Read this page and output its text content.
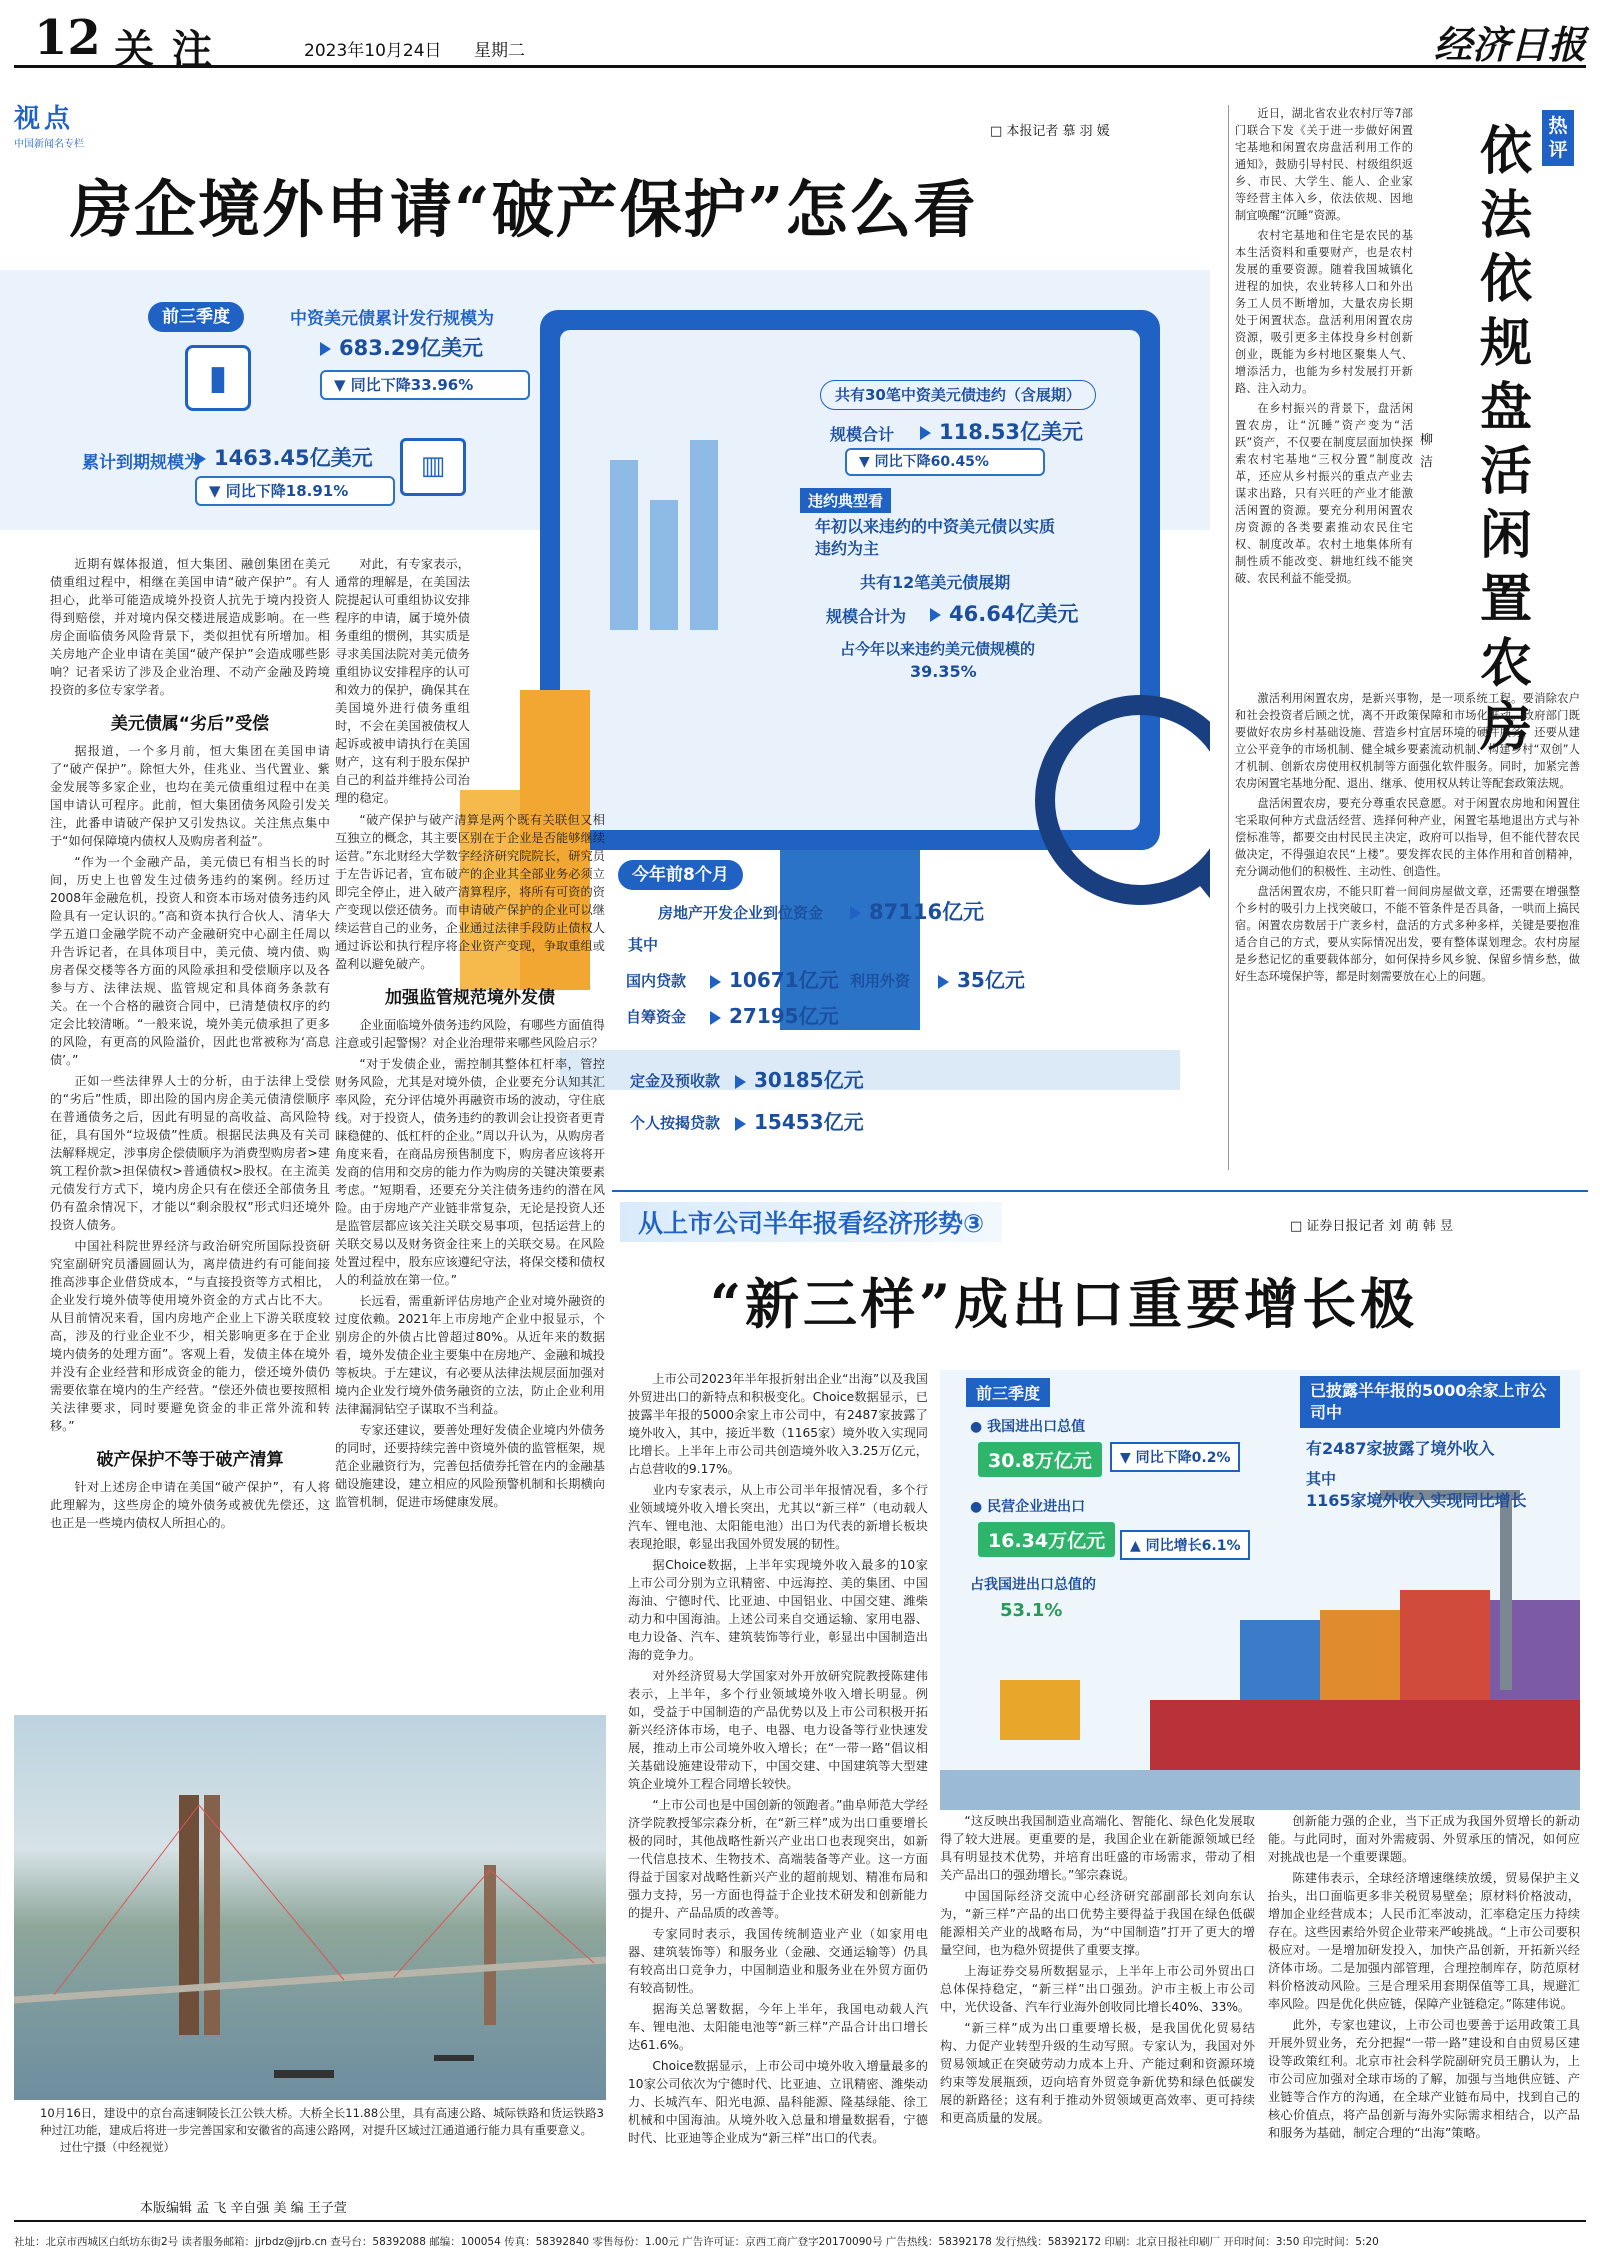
12 关注	2023年10月24日 星期二	经济日报
视点
中国新闻名专栏
□ 本报记者 慕 羽 媛
房企境外申请“破产保护”怎么看
前三季度	中资美元债累计发行规模为
683.29亿美元
▼ 同比下降33.96%
▮
累计到期规模为 1463.45亿美元
▼ 同比下降18.91%
▥
共有30笔中资美元债违约（含展期）
规模合计	118.53亿美元
▼ 同比下降60.45%
违约典型看
年初以来违约的中资美元债以实质违约为主
共有12笔美元债展期
规模合计为	46.64亿美元
占今年以来违约美元债规模的
39.35%
今年前8个月
房地产开发企业到位资金	87116亿元
其中
国内贷款	10671亿元 利用外资	35亿元
自筹资金	27195亿元
定金及预收款	30185亿元
个人按揭贷款	15453亿元

近期有媒体报道，恒大集团、融创集团在美元债重组过程中，相继在美国申请“破产保护”。有人担心，此举可能造成境外投资人抗先于境内投资人得到赔偿，并对境内保交楼进展造成影响。在一些房企面临债务风险背景下，类似担忧有所增加。相关房地产企业申请在美国“破产保护”会造成哪些影响？记者采访了涉及企业治理、不动产金融及跨境投资的多位专家学者。

美元债属“劣后”受偿

据报道，一个多月前，恒大集团在美国申请了“破产保护”。除恒大外，佳兆业、当代置业、紫金发展等多家企业，也均在美元债重组过程中在美国申请认可程序。此前，恒大集团债务风险引发关注，此番申请破产保护又引发热议。关注焦点集中于“如何保障境内债权人及购房者利益”。

“作为一个金融产品，美元债已有相当长的时间，历史上也曾发生过债务违约的案例。经历过2008年金融危机，投资人和资本市场对债务违约风险具有一定认识的。”高和资本执行合伙人、清华大学五道口金融学院不动产金融研究中心副主任周以升告诉记者，在具体项目中，美元债、境内债、购房者保交楼等各方面的风险承担和受偿顺序以及各参与方、法律法规、监管规定和具体商务条款有关。在一个合格的融资合同中，已清楚债权序的约定会比较清晰。“一般来说，境外美元债承担了更多的风险，有更高的风险溢价，因此也常被称为‘高息债’。”

正如一些法律界人士的分析，由于法律上受偿的“劣后”性质，即出险的国内房企美元债清偿顺序在普通债务之后，因此有明显的高收益、高风险特征，具有国外“垃圾债”性质。根据民法典及有关司法解释规定，涉事房企偿债顺序为消费型购房者>建筑工程价款>担保债权>普通债权>股权。在主流美元债发行方式下，境内房企只有在偿还全部债务且仍有盈余情况下，才能以“剩余股权”形式归还境外投资人债务。

中国社科院世界经济与政治研究所国际投资研究室副研究员潘圆圆认为，离岸债进约有可能间接推高涉事企业借贷成本，“与直接投资等方式相比，企业发行境外债等使用境外资金的方式占比不大。从目前情况来看，国内房地产企业上下游关联度较高，涉及的行业企业不少，相关影响更多在于企业境内债务的处理方面”。客观上看，发债主体在境外并没有企业经营和形成资金的能力，偿还境外债仍需要依靠在境内的生产经营。“偿还外债也要按照相关法律要求，同时要避免资金的非正常外流和转移。”

破产保护不等于破产清算

针对上述房企申请在美国“破产保护”，有人将此理解为，这些房企的境外债务或被优先偿还，这也正是一些境内债权人所担心的。

对此，有专家表示，通常的理解是，在美国法院提起认可重组协议安排程序的申请，属于境外债务重组的惯例，其实质是寻求美国法院对美元债务重组协议安排程序的认可和效力的保护，确保其在美国境外进行债务重组时，不会在美国被债权人起诉或被申请执行在美国财产，这有利于股东保护自己的利益并维持公司治理的稳定。

“破产保护与破产清算是两个既有关联但又相互独立的概念，其主要区别在于企业是否能够继续运营。”东北财经大学数字经济研究院院长，研究员于左告诉记者，宣布破产的企业其全部业务必须立即完全停止，进入破产清算程序，将所有可资的资产变现以偿还债务。而申请破产保护的企业可以继续运营自己的业务，企业通过法律手段防止债权人通过诉讼和执行程序将企业资产变现，争取重组或盈利以避免破产。

加强监管规范境外发债

企业面临境外债务违约风险，有哪些方面值得注意或引起警惕？对企业治理带来哪些风险启示？

“对于发债企业，需控制其整体杠杆率，管控财务风险，尤其是对境外债，企业要充分认知其汇率风险，充分评估境外再融资市场的波动，守住底线。对于投资人，债务违约的教训会让投资者更青睐稳健的、低杠杆的企业。”周以升认为，从购房者角度来看，在商品房预售制度下，购房者应该将开发商的信用和交房的能力作为购房的关键决策要素考虑。“短期看，还要充分关注债务违约的潜在风险。由于房地产产业链非常复杂，无论是投资人还是监管层都应该关注关联交易事项，包括运营上的关联交易以及财务资金往来上的关联交易。在风险处置过程中，股东应该遵纪守法，将保交楼和债权人的利益放在第一位。”

长远看，需重新评估房地产企业对境外融资的过度依赖。2021年上市房地产企业中报显示，个别房企的外债占比曾超过80%。从近年来的数据看，境外发债企业主要集中在房地产、金融和城投等板块。于左建议，有必要从法律法规层面加强对境内企业发行境外债务融资的立法，防止企业利用法律漏洞钻空子谋取不当利益。

专家还建议，要善处理好发债企业境内外债务的同时，还要持续完善中资境外债的监管框架，规范企业融资行为，完善包括债券托管在内的金融基础设施建设，建立相应的风险预警机制和长期横向监管机制，促进市场健康发展。

10月16日，建设中的京台高速铜陵长江公铁大桥。大桥全长11.88公里，具有高速公路、城际铁路和货运铁路3种过江功能，建成后将进一步完善国家和安徽省的高速公路网，对提升区域过江通道通行能力具有重要意义。 过仕宁摄（中经视觉）
本版编辑 孟 飞 辛自强 美 编 王子萱

近日，湖北省农业农村厅等7部门联合下发《关于进一步做好闲置宅基地和闲置农房盘活利用工作的通知》，鼓励引导村民、村级组织返乡、市民、大学生、能人、企业家等经营主体入乡，依法依规、因地制宜唤醒“沉睡”资源。

农村宅基地和住宅是农民的基本生活资料和重要财产，也是农村发展的重要资源。随着我国城镇化进程的加快，农业转移人口和外出务工人员不断增加，大量农房长期处于闲置状态。盘活利用闲置农房资源，吸引更多主体投身乡村创新创业，既能为乡村地区聚集人气、增添活力，也能为乡村发展打开新路、注入动力。

在乡村振兴的背景下，盘活闲置农房，让“沉睡”资产变为“活跃”资产，不仅要在制度层面加快探索农村宅基地“三权分置”制度改革，还应从乡村振兴的重点产业去谋求出路，只有兴旺的产业才能激活闲置的资源。要充分利用闲置农房资源的各类要素推动农民住宅权、制度改革。农村土地集体所有制性质不能改变、耕地红线不能突破、农民利益不能受损。

柳 洁
热评
依法依规盘活闲置农房

激活利用闲置农房，是新兴事物，是一项系统工程。要消除农户和社会投资者后顾之忧，离不开政策保障和市场化推动。政府部门既要做好农房乡村基础设施、营造乡村宜居环境的硬件服务，还要从建立公平竞争的市场机制、健全城乡要素流动机制、构建乡村“双创”人才机制、创新农房使用权机制等方面强化软件服务。同时，加紧完善农房闲置宅基地分配、退出、继承、使用权从转让等配套政策法规。

盘活闲置农房，要充分尊重农民意愿。对于闲置农房地和闲置住宅采取何种方式盘活经营、选择何种产业，闲置宅基地退出方式与补偿标准等，都要交由村民民主决定，政府可以指导，但不能代替农民做决定，不得强迫农民“上楼”。要发挥农民的主体作用和首创精神，充分调动他们的积极性、主动性、创造性。

盘活闲置农房，不能只盯着一间间房屋做文章，还需要在增强整个乡村的吸引力上找突破口，不能不管条件是否具备，一哄而上搞民宿。闲置农房数居于广袤乡村，盘活的方式多种多样，关键是要抱准适合自己的方式，要从实际情况出发，要有整体谋划理念。农村房屋是乡愁记忆的重要载体部分，如何保持乡风乡貌、保留乡情乡愁，做好生态环境保护等，都是时刻需要放在心上的问题。

从上市公司半年报看经济形势③	□ 证券日报记者 刘 萌 韩 昱
“新三样”成出口重要增长极

上市公司2023年半年报折射出企业“出海”以及我国外贸进出口的新特点和积极变化。Choice数据显示，已披露半年报的5000余家上市公司中，有2487家披露了境外收入，其中，接近半数（1165家）境外收入实现同比增长。上半年上市公司共创造境外收入3.25万亿元，占总营收的9.17%。

业内专家表示，从上市公司半年报情况看，多个行业领域境外收入增长突出，尤其以“新三样”（电动载人汽车、锂电池、太阳能电池）出口为代表的新增长板块表现抢眼，彰显出我国外贸发展的韧性。

据Choice数据，上半年实现境外收入最多的10家上市公司分别为立讯精密、中远海控、美的集团、中国海油、宁德时代、比亚迪、中国铝业、中国交建、潍柴动力和中国海油。上述公司来自交通运输、家用电器、电力设备、汽车、建筑装饰等行业，彰显出中国制造出海的竞争力。

对外经济贸易大学国家对外开放研究院教授陈建伟表示，上半年，多个行业领域境外收入增长明显。例如，受益于中国制造的产品优势以及上市公司积极开拓新兴经济体市场，电子、电器、电力设备等行业快速发展，推动上市公司境外收入增长；在“一带一路”倡议相关基础设施建设带动下，中国交建、中国建筑等大型建筑企业境外工程合同增长较快。

“上市公司也是中国创新的领跑者。”曲阜师范大学经济学院教授邹宗森分析，在“新三样”成为出口重要增长极的同时，其他战略性新兴产业出口也表现突出，如新一代信息技术、生物技术、高端装备等产业。这一方面得益于国家对战略性新兴产业的超前规划、精准布局和强力支持，另一方面也得益于企业技术研发和创新能力的提升、产品品质的改善等。

专家同时表示，我国传统制造业产业（如家用电器、建筑装饰等）和服务业（金融、交通运输等）仍具有较高出口竞争力，中国制造业和服务业在外贸方面仍有较高韧性。

据海关总署数据，今年上半年，我国电动载人汽车、锂电池、太阳能电池等“新三样”产品合计出口增长达61.6%。

Choice数据显示，上市公司中境外收入增量最多的10家公司依次为宁德时代、比亚迪、立讯精密、潍柴动力、长城汽车、阳光电源、晶科能源、隆基绿能、徐工机械和中国海油。从境外收入总量和增量数据看，宁德时代、比亚迪等企业成为“新三样”出口的代表。

前三季度
● 我国进出口总值
30.8万亿元	▼ 同比下降0.2%
● 民营企业进出口
16.34万亿元	▲ 同比增长6.1%
占我国进出口总值的
53.1%
已披露半年报的5000余家上市公司中
有2487家披露了境外收入
其中
1165家境外收入实现同比增长

“这反映出我国制造业高端化、智能化、绿色化发展取得了较大进展。更重要的是，我国企业在新能源领域已经具有明显技术优势，并培育出旺盛的市场需求，带动了相关产品出口的强劲增长。”邹宗森说。

中国国际经济交流中心经济研究部副部长刘向东认为，“新三样”产品的出口优势主要得益于我国在绿色低碳能源相关产业的战略布局，为“中国制造”打开了更大的增量空间，也为稳外贸提供了重要支撑。

上海证券交易所数据显示，上半年上市公司外贸出口总体保持稳定，“新三样”出口强劲。沪市主板上市公司中，光伏设备、汽车行业海外创收同比增长40%、33%。

“新三样”成为出口重要增长极，是我国优化贸易结构、力促产业转型升级的生动写照。专家认为，我国对外贸易领域正在突破劳动力成本上升、产能过剩和资源环境约束等发展瓶颈，迈向培育外贸竞争新优势和绿色低碳发展的新路径；这有利于推动外贸领域更高效率、更可持续和更高质量的发展。

创新能力强的企业，当下正成为我国外贸增长的新动能。与此同时，面对外需疲弱、外贸承压的情况，如何应对挑战也是一个重要课题。

陈建伟表示，全球经济增速继续放缓，贸易保护主义抬头，出口面临更多非关税贸易壁垒；原材料价格波动，增加企业经营成本；人民币汇率波动，汇率稳定压力持续存在。这些因素给外贸企业带来严峻挑战。“上市公司要积极应对。一是增加研发投入，加快产品创新，开拓新兴经济体市场。二是加强内部管理，合理控制库存，防范原材料价格波动风险。三是合理采用套期保值等工具，规避汇率风险。四是优化供应链，保障产业链稳定。”陈建伟说。

此外，专家也建议，上市公司也要善于运用政策工具开展外贸业务，充分把握“一带一路”建设和自由贸易区建设等政策红利。北京市社会科学院副研究员王鹏认为，上市公司应加强对全球市场的了解，加强与当地供应链、产业链等合作方的沟通，在全球产业链布局中，找到自己的核心价值点，将产品创新与海外实际需求相结合，以产品和服务为基础，制定合理的“出海”策略。

社址：北京市西城区白纸坊东街2号 读者服务邮箱：jjrbdz@jjrb.cn 查号台：58392088 邮编：100054 传真：58392840 零售每份：1.00元 广告许可证：京西工商广登字20170090号 广告热线：58392178 发行热线：58392172 印刷：北京日报社印刷厂 开印时间：3:50 印完时间：5:20
